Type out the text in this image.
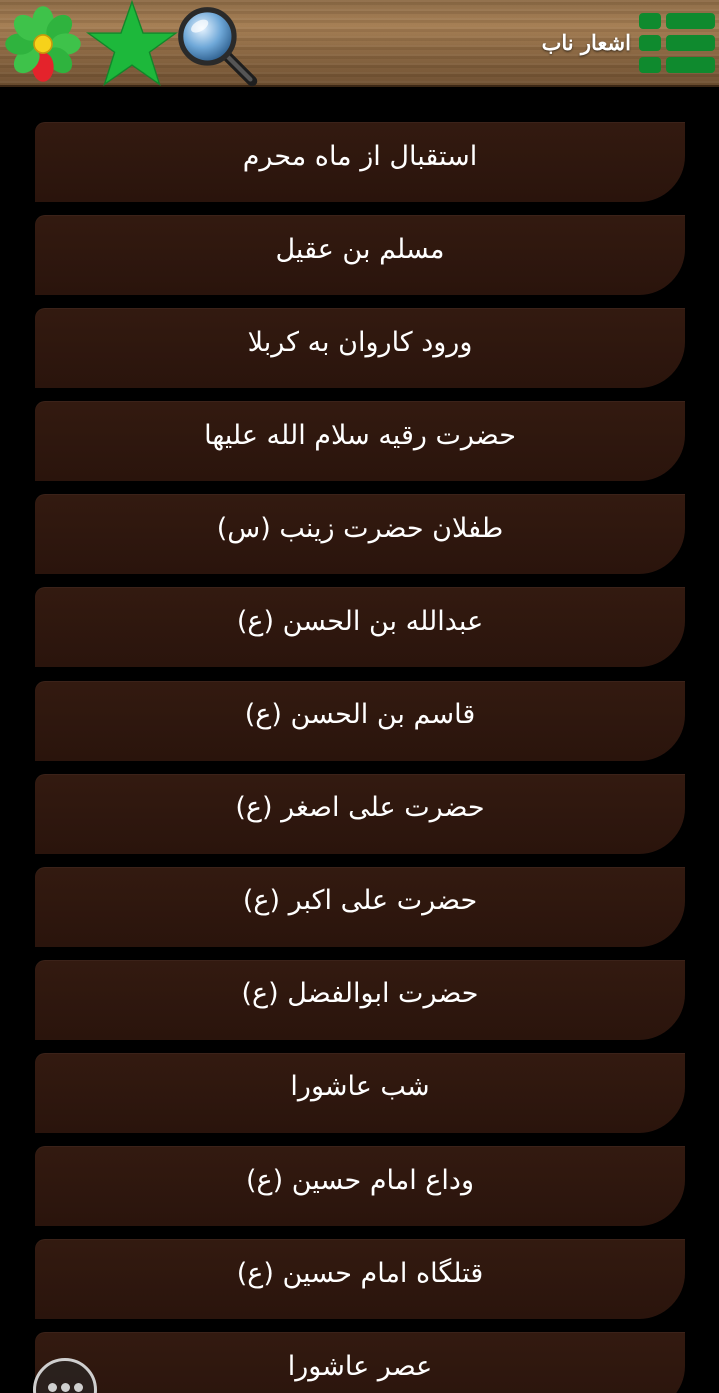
اشعار ناب
استقبال از ماه محرم
مسلم بن عقیل
ورود کاروان به کربلا
حضرت رقیه سلام الله علیها
طفلان حضرت زینب (س)
عبدالله بن الحسن (ع)
قاسم بن الحسن (ع)
حضرت علی اصغر (ع)
حضرت علی اکبر (ع)
حضرت ابوالفضل (ع)
شب عاشورا
وداع امام حسین (ع)
قتلگاه امام حسین (ع)
عصر عاشورا
